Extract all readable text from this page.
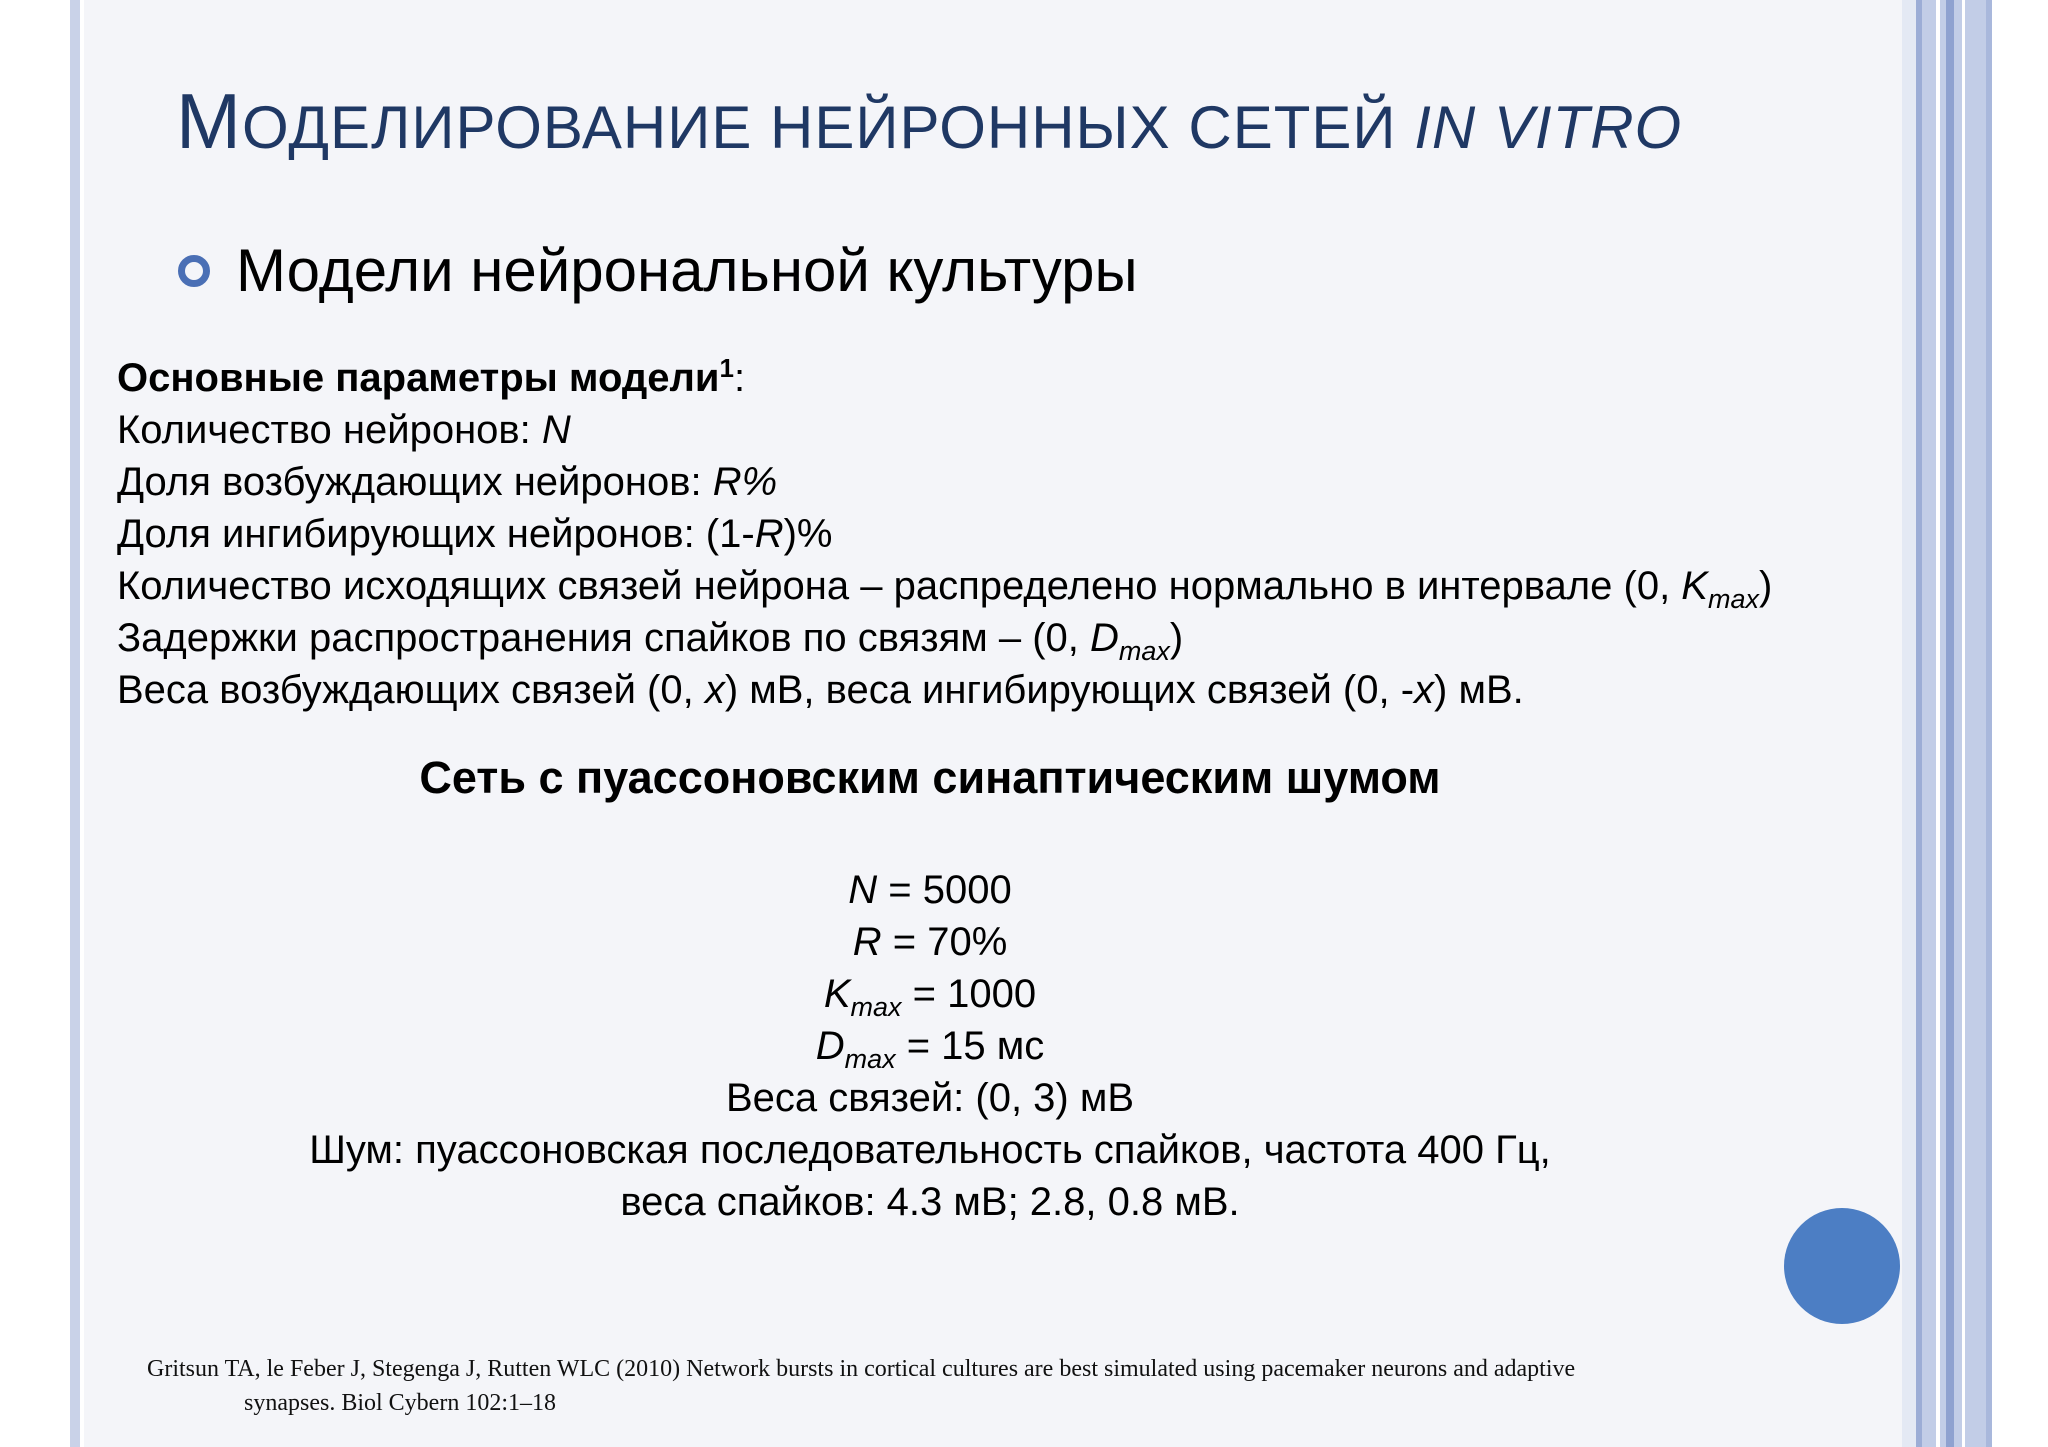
МОДЕЛИРОВАНИЕ НЕЙРОННЫХ СЕТЕЙ IN VITRO
Модели нейрональной культуры
Основные параметры модели$^1$:
Количество нейронов: N
Доля возбуждающих нейронов: R%
Доля ингибирующих нейронов: (1-R)%
Количество исходящих связей нейрона – распределено нормально в интервале (0, $K_{max}$)
Задержки распространения спайков по связям – (0, $D_{max}$)
Веса возбуждающих связей (0, x) мВ, веса ингибирующих связей (0, -x) мВ.
Сеть с пуассоновским синаптическим шумом
N = 5000
R = 70%
$K_{max} = 1000$
$D_{max} = 15$ мс
Веса связей: (0, 3) мВ
Шум: пуассоновская последовательность спайков, частота 400 Гц,
веса спайков: 4.3 мВ; 2.8, 0.8 мВ.
Gritsun TA, le Feber J, Stegenga J, Rutten WLC (2010) Network bursts in cortical cultures are best simulated using pacemaker neurons and adaptive
synapses. Biol Cybern 102:1–18
